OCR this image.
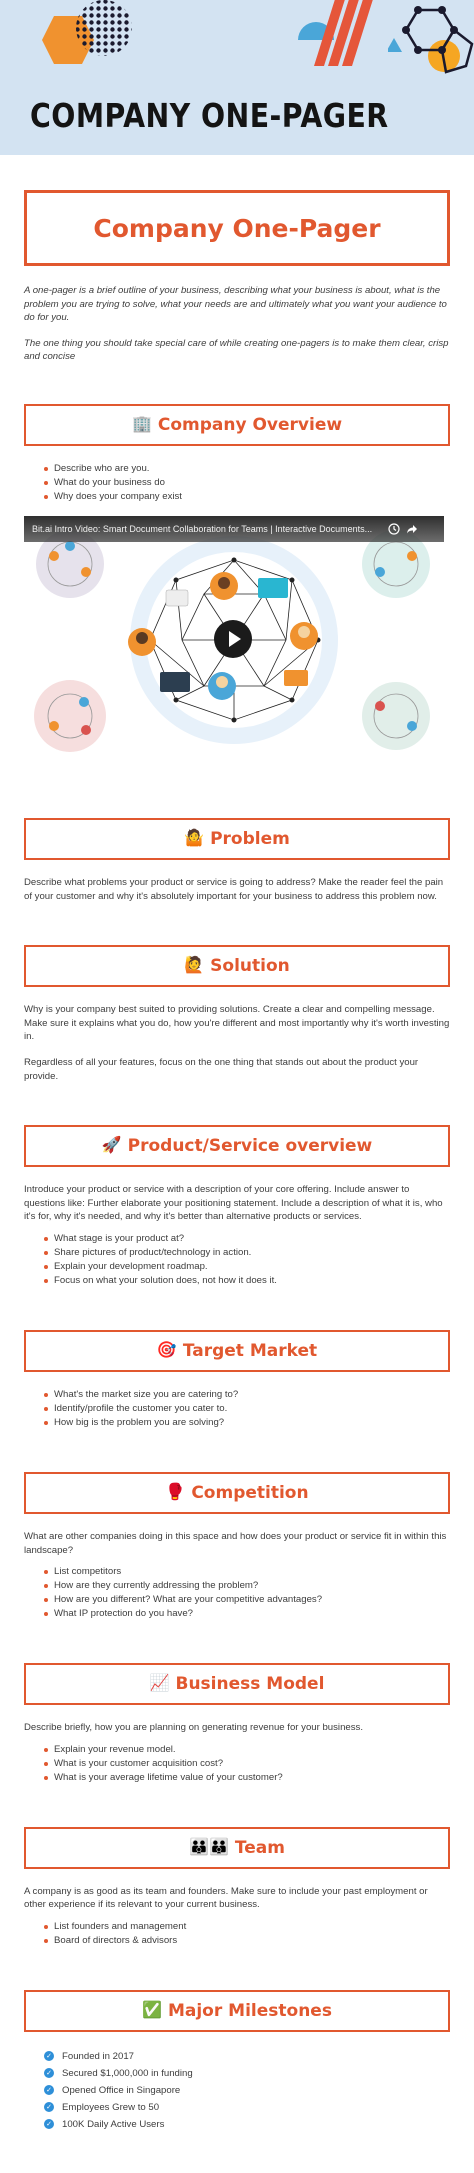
COMPANY ONE-PAGER
Company One-Pager

A one-pager is a brief outline of your business, describing what your business is about, what is the problem you are trying to solve, what your needs are and ultimately what you want your audience to do for you.

The one thing you should take special care of while creating one-pagers is to make them clear, crisp and concise

🏢 Company Overview
Describe who are you.
What do your business do
Why does your company exist
Bit.ai Intro Video: Smart Document Collaboration for Teams | Interactive Documents...
🤷 Problem

Describe what problems your product or service is going to address? Make the reader feel the pain of your customer and why it's absolutely important for your business to address this problem now.

🙋 Solution

Why is your company best suited to providing solutions. Create a clear and compelling message. Make sure it explains what you do, how you're different and most importantly why it's worth investing in.

Regardless of all your features, focus on the one thing that stands out about the product your provide.

🚀 Product/Service overview

Introduce your product or service with a description of your core offering. Include answer to questions like: Further elaborate your positioning statement. Include a description of what it is, who it's for, why it's needed, and why it's better than alternative products or services.

What stage is your product at?
Share pictures of product/technology in action.
Explain your development roadmap.
Focus on what your solution does, not how it does it.
🎯 Target Market
What's the market size you are catering to?
Identify/profile the customer you cater to.
How big is the problem you are solving?
🥊 Competition

What are other companies doing in this space and how does your product or service fit in within this landscape?

List competitors
How are they currently addressing the problem?
How are you different? What are your competitive advantages?
What IP protection do you have?
📈 Business Model

Describe briefly, how you are planning on generating revenue for your business.

Explain your revenue model.
What is your customer acquisition cost?
What is your average lifetime value of your customer?
👪👪 Team

A company is as good as its team and founders. Make sure to include your past employment or other experience if its relevant to your current business.

List founders and management
Board of directors & advisors
✅ Major Milestones
✓ Founded in 2017
✓ Secured $1,000,000 in funding
✓ Opened Office in Singapore
✓ Employees Grew to 50
✓ 100K Daily Active Users
